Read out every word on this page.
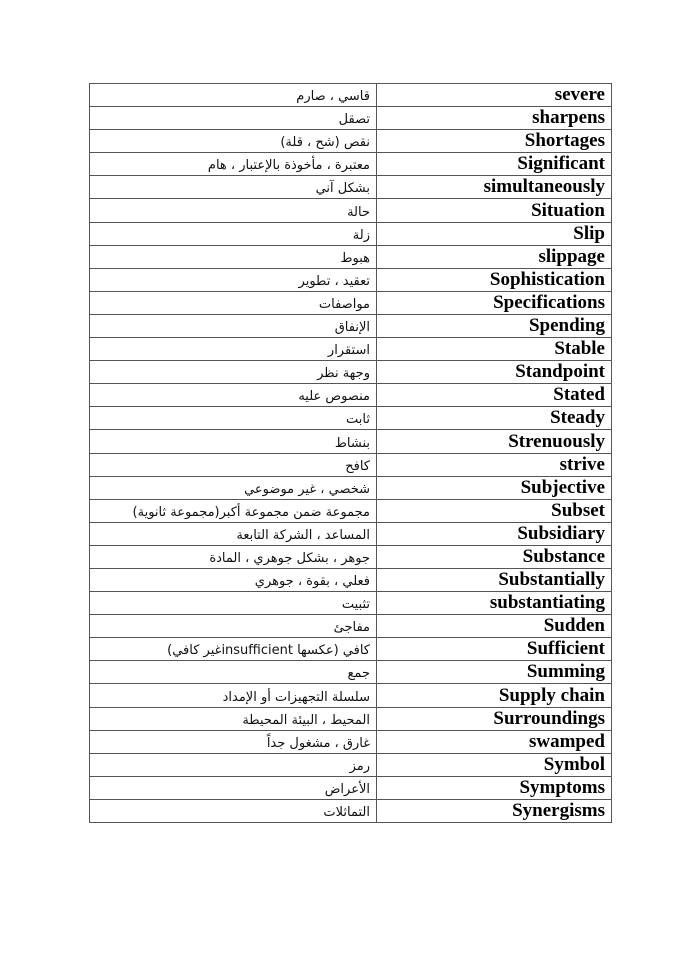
قاسي ، صارم	severe
تصقل	sharpens
نقص (شح ، قلة)	Shortages
معتبرة ، مأخوذة بالإعتبار ، هام	Significant
بشكل آني	simultaneously
حالة	Situation
زلة	Slip
هبوط	slippage
تعقيد ، تطوير	Sophistication
مواصفات	Specifications
الإنفاق	Spending
استقرار	Stable
وجهة نظر	Standpoint
منصوص عليه	Stated
ثابت	Steady
بنشاط	Strenuously
كافح	strive
شخصي ، غير موضوعي	Subjective
مجموعة ضمن مجموعة أكبر(مجموعة ثانوية)	Subset
المساعد ، الشركة التابعة	Subsidiary
جوهر ، بشكل جوهري ، المادة	Substance
فعلي ، بقوة ، جوهري	Substantially
تثبيت	substantiating
مفاجئ	Sudden
كافي (عكسها insufficientغير كافي)	Sufficient
جمع	Summing
سلسلة التجهيزات أو الإمداد	Supply chain
المحيط ، البيئة المحيطة	Surroundings
غارق ، مشغول جداً	swamped
رمز	Symbol
الأعراض	Symptoms
التماثلات	Synergisms
